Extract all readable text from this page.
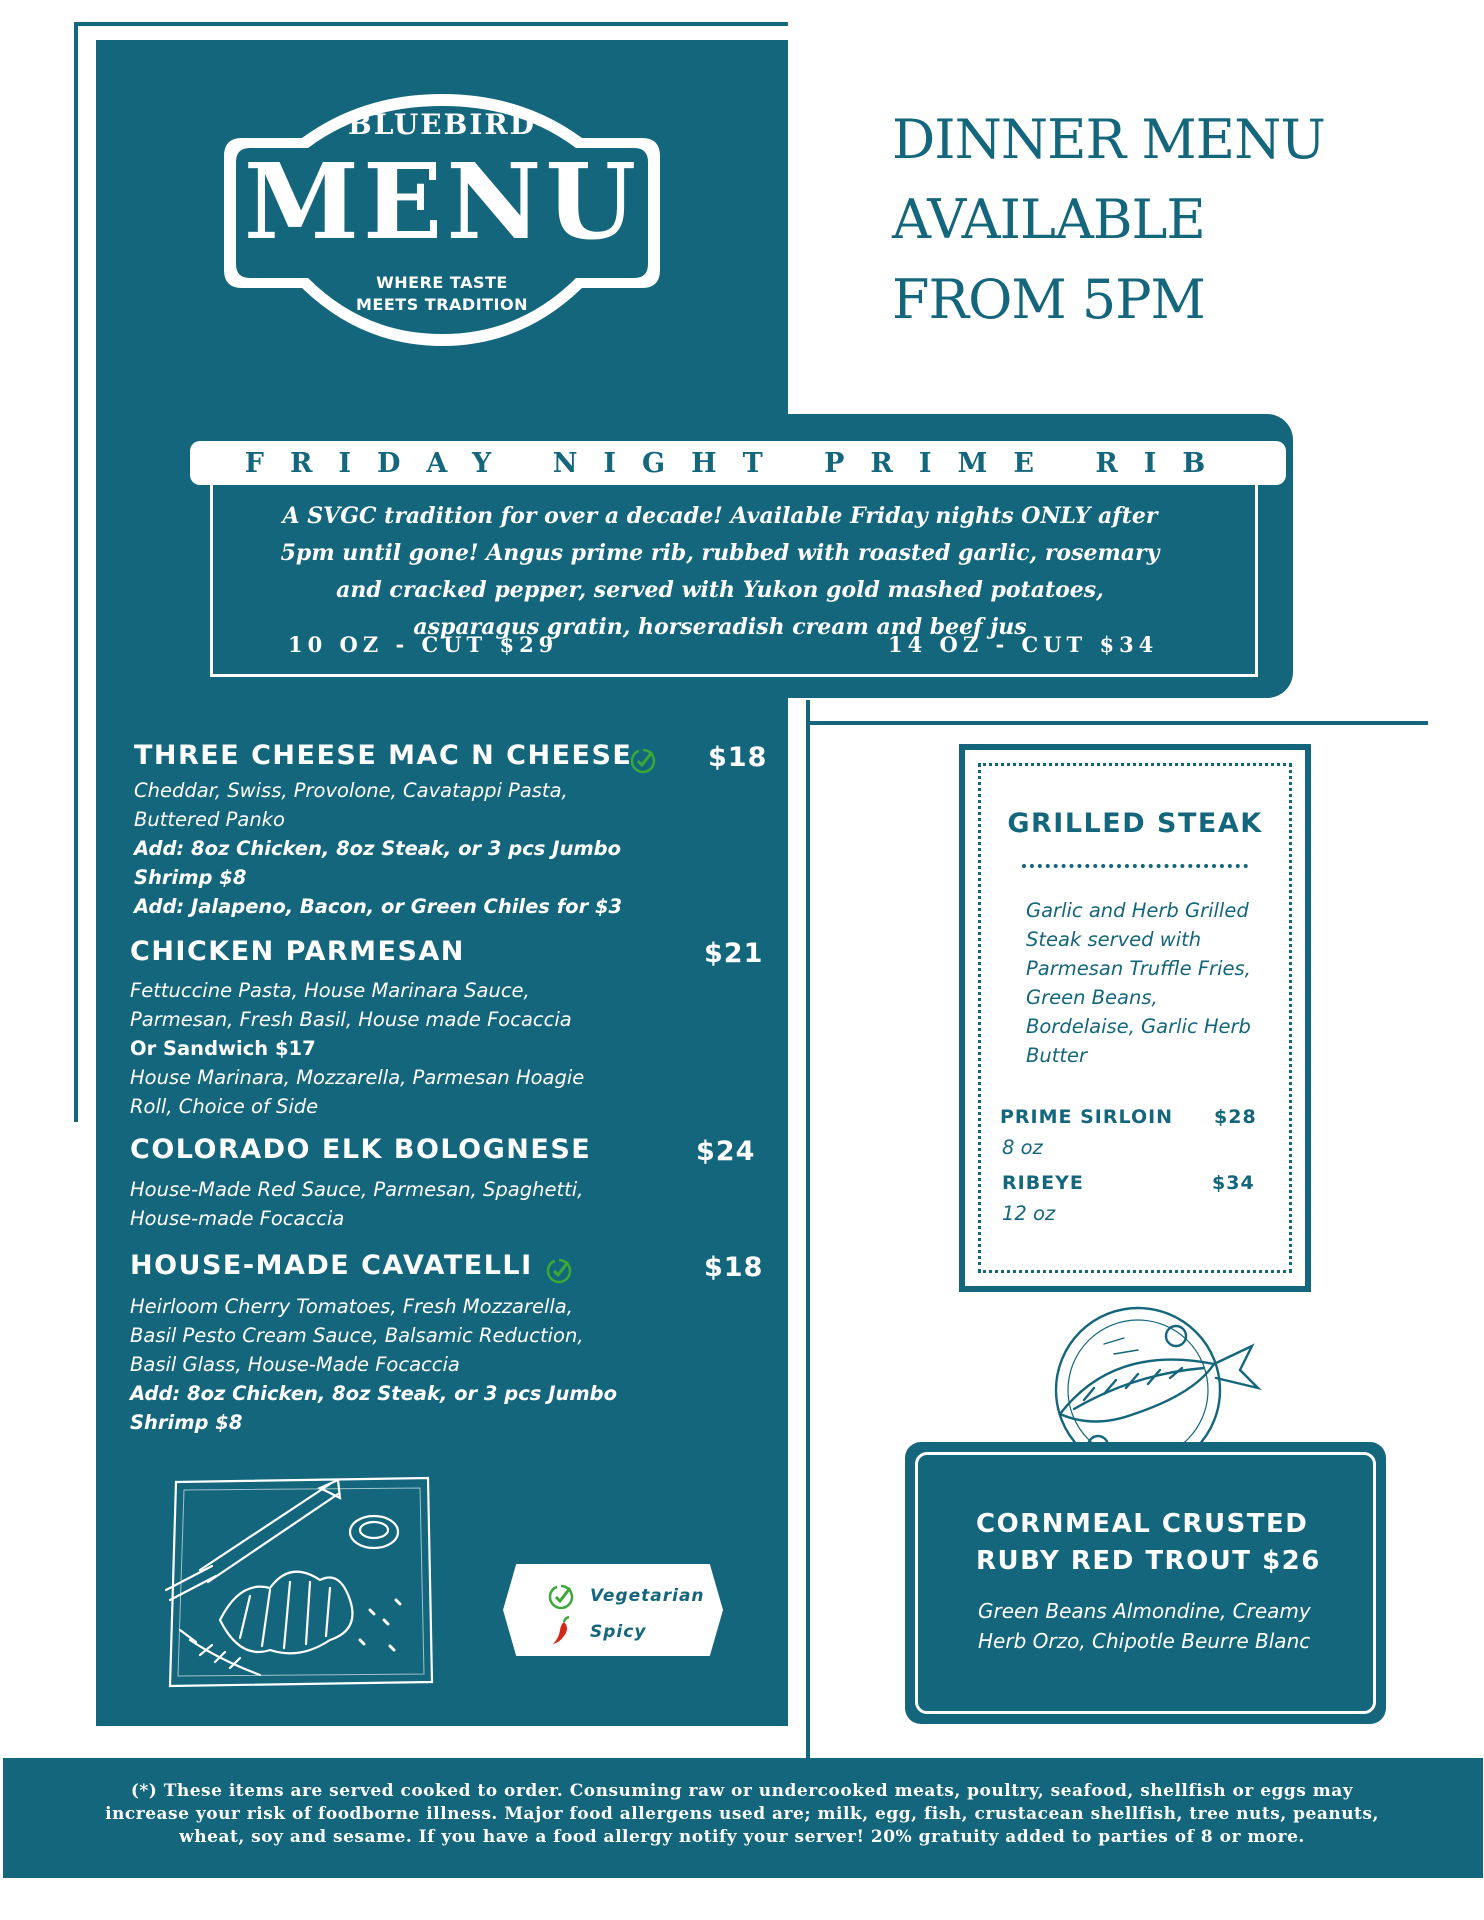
BLUEBIRD
MENU
WHERE TASTE MEETS TRADITION
DINNER MENU
AVAILABLE
FROM 5PM
FRIDAY NIGHT PRIME RIB
A SVGC tradition for over a decade! Available Friday nights ONLY after 5pm until gone! Angus prime rib, rubbed with roasted garlic, rosemary and cracked pepper, served with Yukon gold mashed potatoes, asparagus gratin, horseradish cream and beef jus
10 OZ - CUT $29	14 OZ - CUT $34
THREE CHEESE MAC N CHEESE	$18
Cheddar, Swiss, Provolone, Cavatappi Pasta,
Buttered Panko
Add: 8oz Chicken, 8oz Steak, or 3 pcs Jumbo
Shrimp $8
Add: Jalapeno, Bacon, or Green Chiles for $3
CHICKEN PARMESAN	$21
Fettuccine Pasta, House Marinara Sauce,
Parmesan, Fresh Basil, House made Focaccia
Or Sandwich $17
House Marinara, Mozzarella, Parmesan Hoagie
Roll, Choice of Side
COLORADO ELK BOLOGNESE	$24
House-Made Red Sauce, Parmesan, Spaghetti,
House-made Focaccia
HOUSE-MADE CAVATELLI	$18
Heirloom Cherry Tomatoes, Fresh Mozzarella,
Basil Pesto Cream Sauce, Balsamic Reduction,
Basil Glass, House-Made Focaccia
Add: 8oz Chicken, 8oz Steak, or 3 pcs Jumbo
Shrimp $8
Vegetarian
Spicy
GRILLED STEAK
Garlic and Herb Grilled
Steak served with
Parmesan Truffle Fries,
Green Beans,
Bordelaise, Garlic Herb
Butter
PRIME SIRLOIN $28
8 oz
RIBEYE	$34
12 oz
CORNMEAL CRUSTED
RUBY RED TROUT $26
Green Beans Almondine, Creamy
Herb Orzo, Chipotle Beurre Blanc
(*) These items are served cooked to order. Consuming raw or undercooked meats, poultry, seafood, shellfish or eggs may
increase your risk of foodborne illness. Major food allergens used are; milk, egg, fish, crustacean shellfish, tree nuts, peanuts,
wheat, soy and sesame. If you have a food allergy notify your server! 20% gratuity added to parties of 8 or more.
